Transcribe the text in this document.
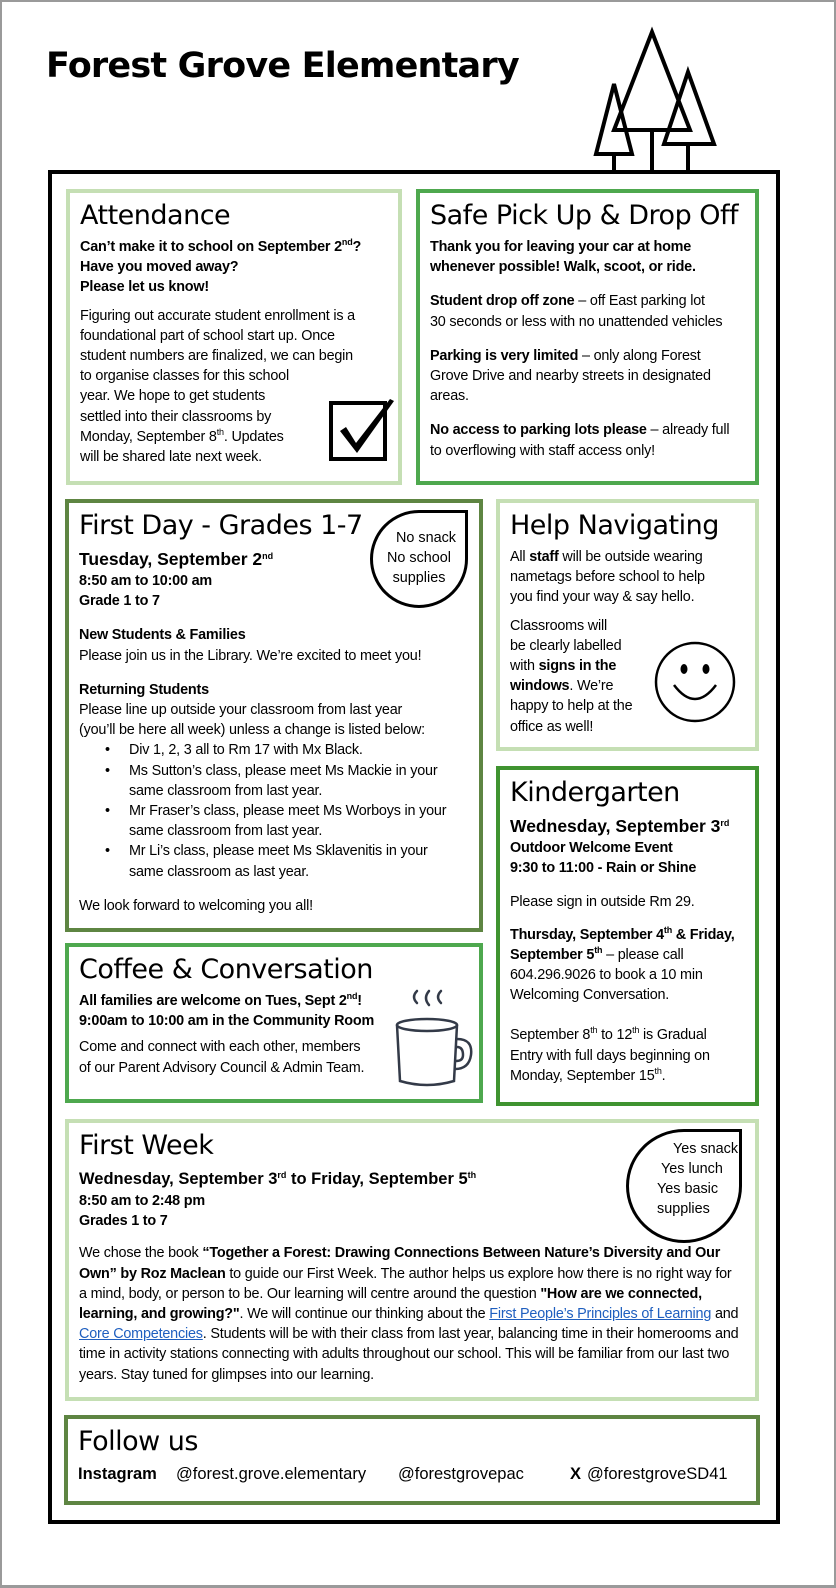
Forest Grove Elementary
Attendance
Can’t make it to school on September 2nd?
Have you moved away?
Please let us know!
Figuring out accurate student enrollment is a
foundational part of school start up. Once
student numbers are finalized, we can begin
to organise classes for this school
year. We hope to get students
settled into their classrooms by
Monday, September 8th. Updates
will be shared late next week.
Safe Pick Up & Drop Off
Thank you for leaving your car at home
whenever possible! Walk, scoot, or ride.
Student drop off zone – off East parking lot
30 seconds or less with no unattended vehicles
Parking is very limited – only along Forest
Grove Drive and nearby streets in designated
areas.
No access to parking lots please – already full
to overflowing with staff access only!
First Day - Grades 1-7
Tuesday, September 2nd
8:50 am to 10:00 am
Grade 1 to 7
New Students & Families
Please join us in the Library. We’re excited to meet you!
Returning Students
Please line up outside your classroom from last year
(you’ll be here all week) unless a change is listed below:
• Div 1, 2, 3 all to Rm 17 with Mx Black.
• Ms Sutton’s class, please meet Ms Mackie in your
same classroom from last year.
• Mr Fraser’s class, please meet Ms Worboys in your
same classroom from last year.
• Mr Li’s class, please meet Ms Sklavenitis in your
same classroom as last year.
We look forward to welcoming you all!
No snack
No school
supplies
Help Navigating
All staff will be outside wearing
nametags before school to help
you find your way & say hello.
Classrooms will
be clearly labelled
with signs in the
windows. We’re
happy to help at the
office as well!
Kindergarten
Wednesday, September 3rd
Outdoor Welcome Event
9:30 to 11:00 - Rain or Shine
Please sign in outside Rm 29.
Thursday, September 4th & Friday,
September 5th – please call
604.296.9026 to book a 10 min
Welcoming Conversation.
September 8th to 12th is Gradual
Entry with full days beginning on
Monday, September 15th.
Coffee & Conversation
All families are welcome on Tues, Sept 2nd!
9:00am to 10:00 am in the Community Room
Come and connect with each other, members
of our Parent Advisory Council & Admin Team.
First Week
Wednesday, September 3rd to Friday, September 5th
8:50 am to 2:48 pm
Grades 1 to 7

We chose the book “Together a Forest: Drawing Connections Between Nature’s Diversity and Our Own” by Roz Maclean to guide our First Week. The author helps us explore how there is no right way for a mind, body, or person to be. Our learning will centre around the question "How are we connected, learning, and growing?". We will continue our thinking about the First People’s Principles of Learning and Core Competencies. Students will be with their class from last year, balancing time in their homerooms and time in activity stations connecting with adults throughout our school. This will be familiar from our last two years. Stay tuned for glimpses into our learning.

Yes snack
Yes lunch
Yes basic
supplies
Follow us
Instagram	@forest.grove.elementary	@forestgrovepac	X @forestgroveSD41
